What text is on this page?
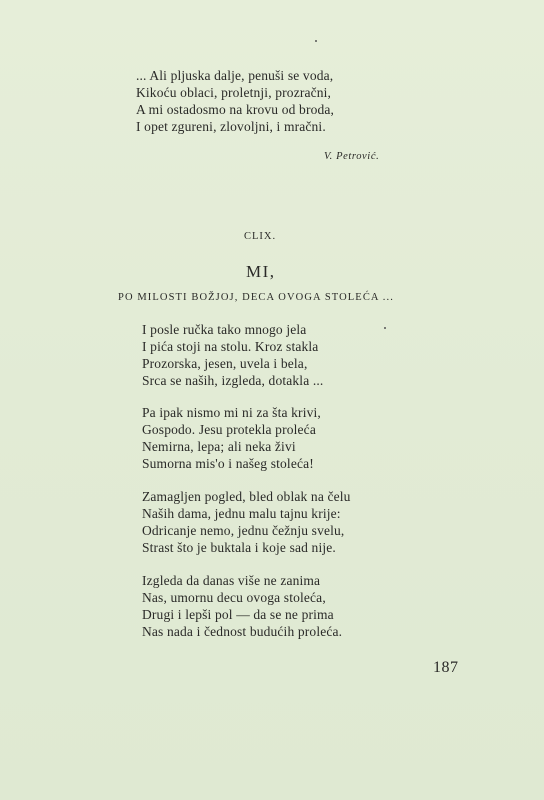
... Ali pljuska dalje, penuši se voda,
Kikoću oblaci, proletnji, prozračni,
A mi ostadosmo na krovu od broda,
I opet zgureni, zlovoljni, i mračni.
V. Petrović.
CLIX.
MI,
PO MILOSTI BOŽJOJ, DECA OVOGA STOLEĆA ...
I posle ručka tako mnogo jela
I pića stoji na stolu. Kroz stakla
Prozorska, jesen, uvela i bela,
Srca se naših, izgleda, dotakla ...
Pa ipak nismo mi ni za šta krivi,
Gospodo. Jesu protekla proleća
Nemirna, lepa; ali neka živi
Sumorna mis'o i našeg stoleća!
Zamagljen pogled, bled oblak na čelu
Naših dama, jednu malu tajnu krije:
Odricanje nemo, jednu čežnju svelu,
Strast što je buktala i koje sad nije.
Izgleda da danas više ne zanima
Nas, umornu decu ovoga stoleća,
Drugi i lepši pol — da se ne prima
Nas nada i čednost budućih proleća.
187
